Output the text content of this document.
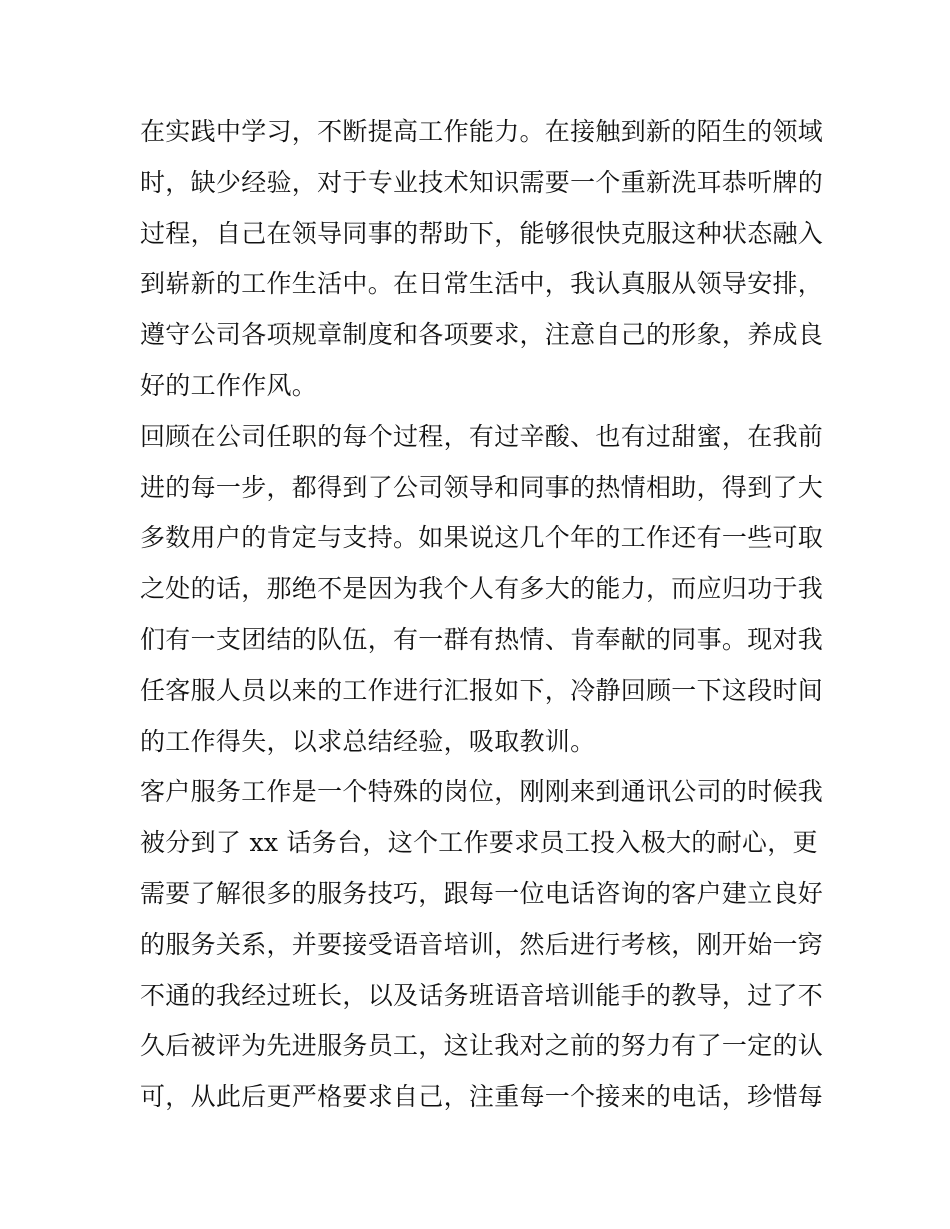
在实践中学习，不断提高工作能力。在接触到新的陌生的领域
时，缺少经验，对于专业技术知识需要一个重新洗耳恭听牌的
过程，自己在领导同事的帮助下，能够很快克服这种状态融入
到崭新的工作生活中。在日常生活中，我认真服从领导安排，
遵守公司各项规章制度和各项要求，注意自己的形象，养成良
好的工作作风。
回顾在公司任职的每个过程，有过辛酸、也有过甜蜜，在我前
进的每一步，都得到了公司领导和同事的热情相助，得到了大
多数用户的肯定与支持。如果说这几个年的工作还有一些可取
之处的话，那绝不是因为我个人有多大的能力，而应归功于我
们有一支团结的队伍，有一群有热情、肯奉献的同事。现对我
任客服人员以来的工作进行汇报如下，冷静回顾一下这段时间
的工作得失，以求总结经验，吸取教训。
客户服务工作是一个特殊的岗位，刚刚来到通讯公司的时候我
被分到了 xx 话务台，这个工作要求员工投入极大的耐心，更
需要了解很多的服务技巧，跟每一位电话咨询的客户建立良好
的服务关系，并要接受语音培训，然后进行考核，刚开始一窍
不通的我经过班长，以及话务班语音培训能手的教导，过了不
久后被评为先进服务员工，这让我对之前的努力有了一定的认
可，从此后更严格要求自己，注重每一个接来的电话，珍惜每
